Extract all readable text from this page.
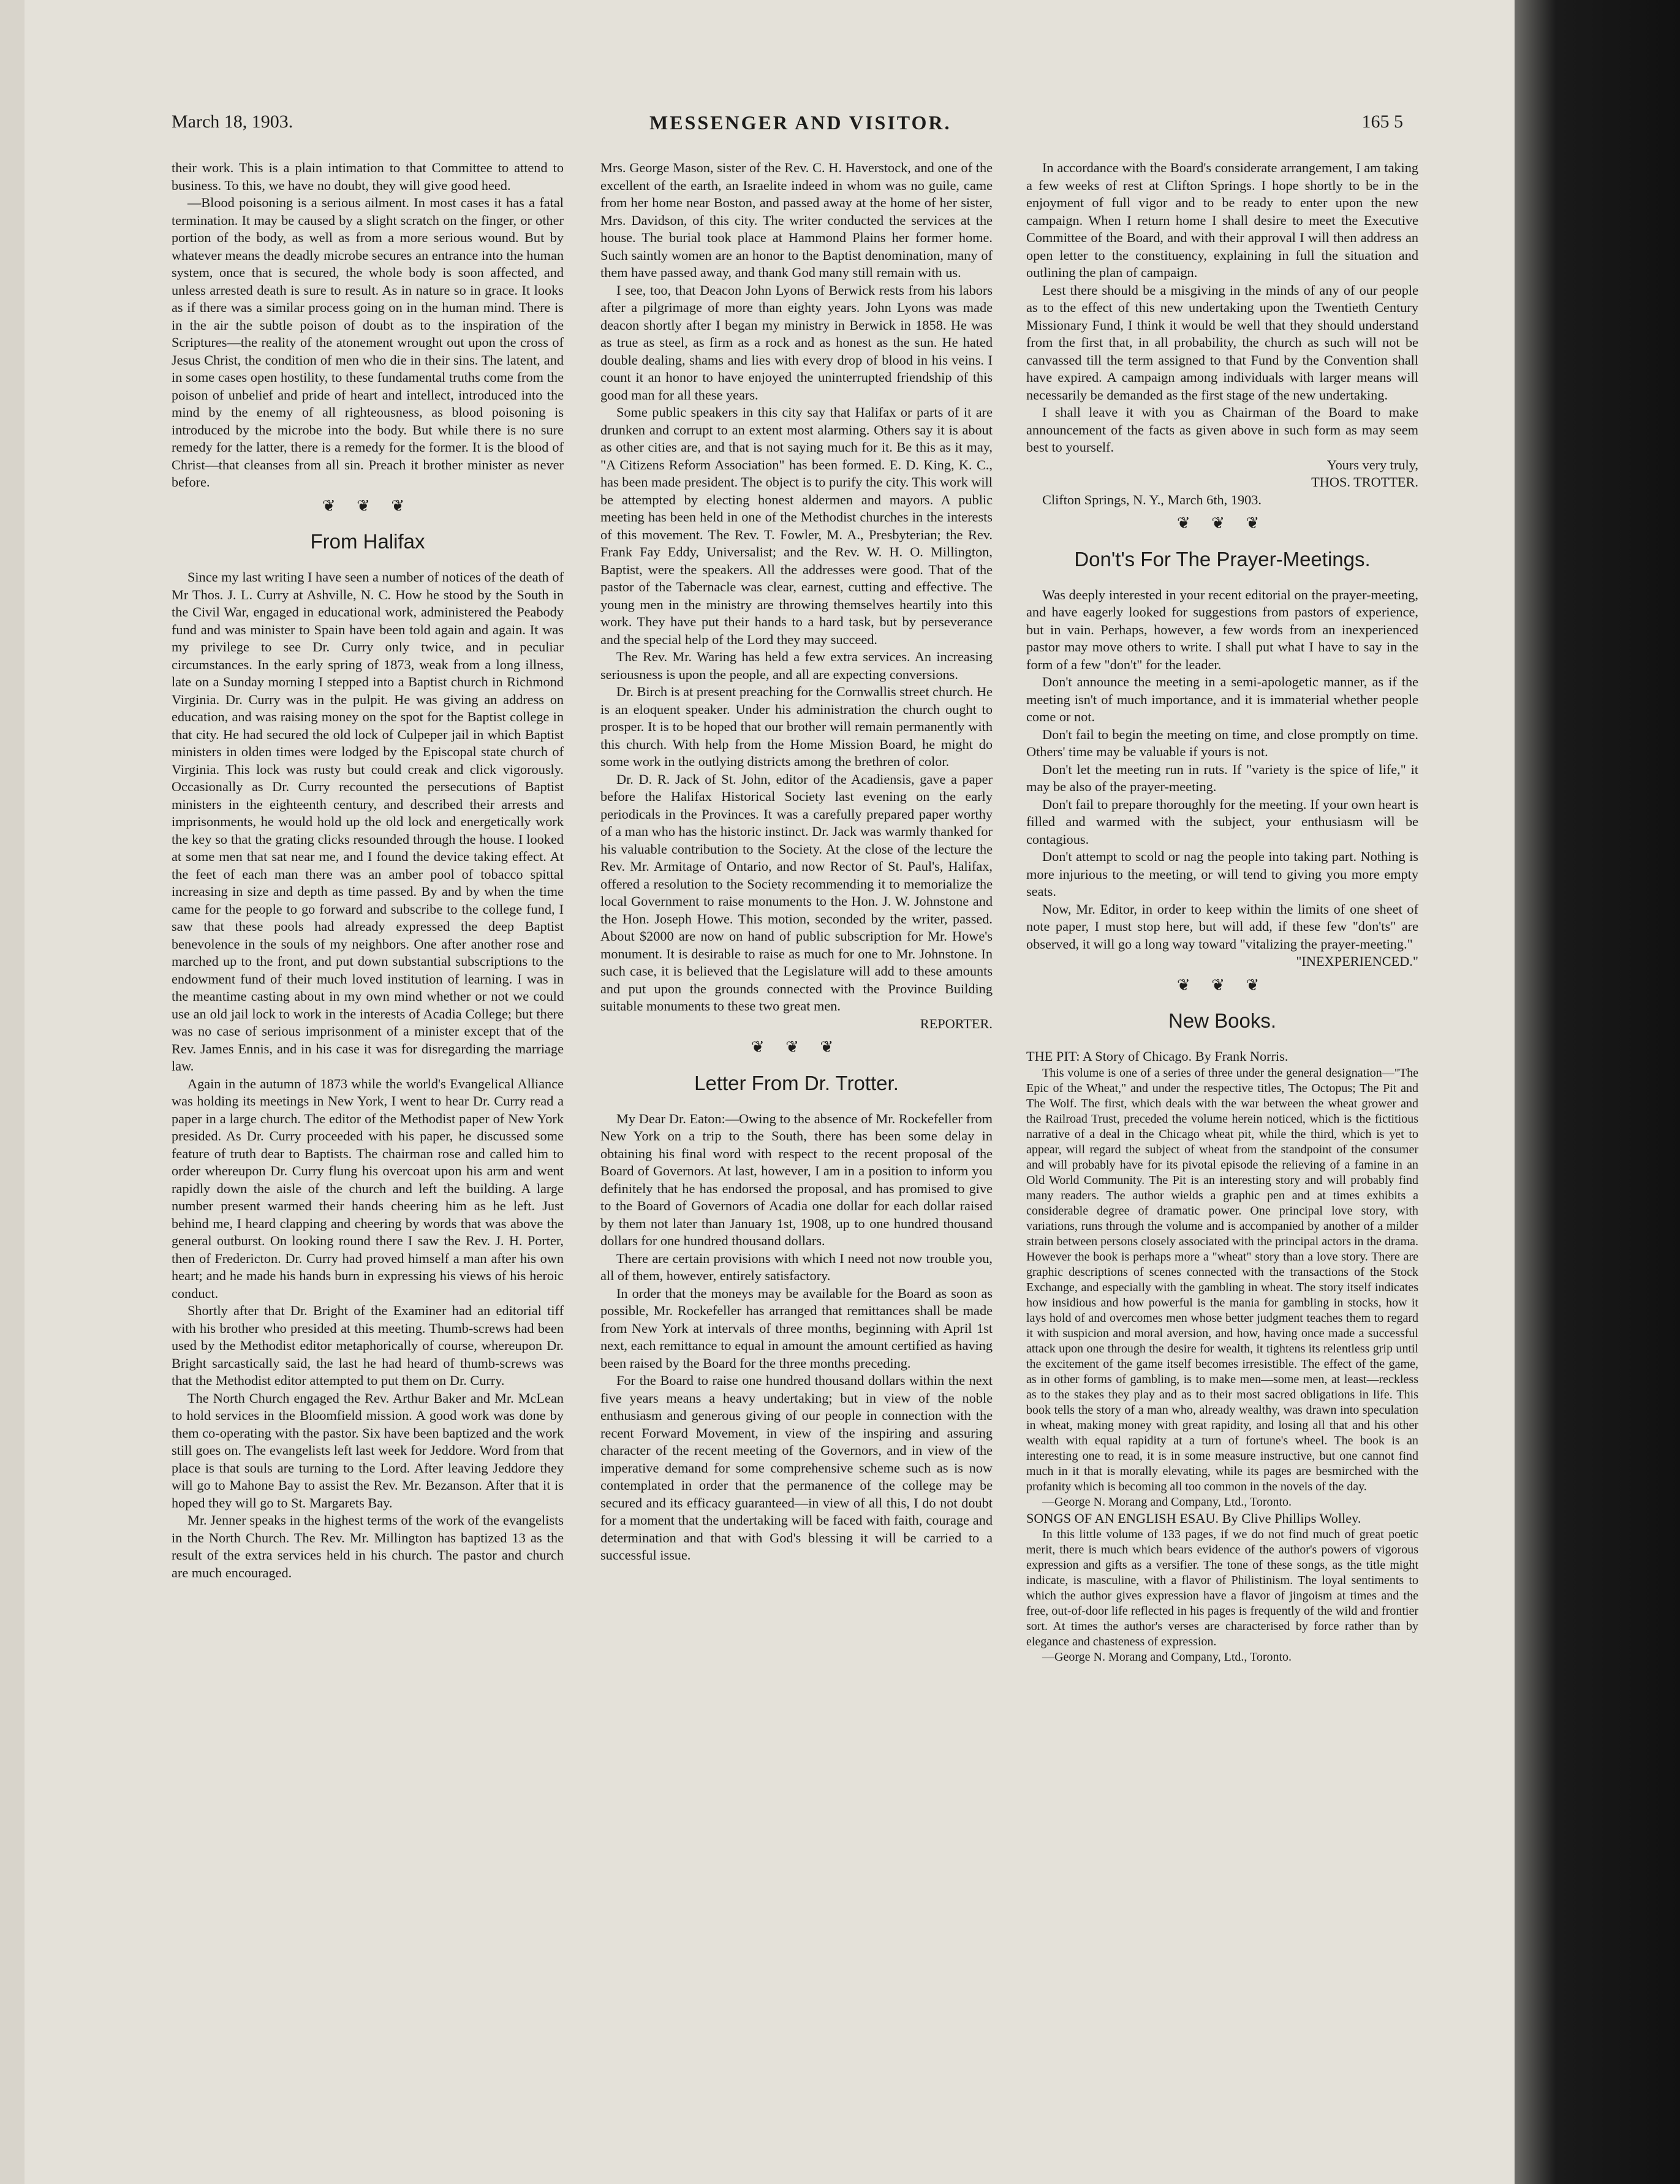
March 18, 1903.	MESSENGER AND VISITOR.	165 5

their work. This is a plain intimation to that Committee to attend to business. To this, we have no doubt, they will give good heed.

—Blood poisoning is a serious ailment. In most cases it has a fatal termination. It may be caused by a slight scratch on the finger, or other portion of the body, as well as from a more serious wound. But by whatever means the deadly microbe secures an entrance into the human system, once that is secured, the whole body is soon affected, and unless arrested death is sure to result. As in nature so in grace. It looks as if there was a similar process going on in the human mind. There is in the air the subtle poison of doubt as to the inspiration of the Scriptures—the reality of the atonement wrought out upon the cross of Jesus Christ, the condition of men who die in their sins. The latent, and in some cases open hostility, to these fundamental truths come from the poison of unbelief and pride of heart and intellect, introduced into the mind by the enemy of all righteousness, as blood poisoning is introduced by the microbe into the body. But while there is no sure remedy for the latter, there is a remedy for the former. It is the blood of Christ—that cleanses from all sin. Preach it brother minister as never before.

❦ ❦ ❦
From Halifax

Since my last writing I have seen a number of notices of the death of Mr Thos. J. L. Curry at Ashville, N. C. How he stood by the South in the Civil War, engaged in educational work, administered the Peabody fund and was minister to Spain have been told again and again. It was my privilege to see Dr. Curry only twice, and in peculiar circumstances. In the early spring of 1873, weak from a long illness, late on a Sunday morning I stepped into a Baptist church in Richmond Virginia. Dr. Curry was in the pulpit. He was giving an address on education, and was raising money on the spot for the Baptist college in that city. He had secured the old lock of Culpeper jail in which Baptist ministers in olden times were lodged by the Episcopal state church of Virginia. This lock was rusty but could creak and click vigorously. Occasionally as Dr. Curry recounted the persecutions of Baptist ministers in the eighteenth century, and described their arrests and imprisonments, he would hold up the old lock and energetically work the key so that the grating clicks resounded through the house. I looked at some men that sat near me, and I found the device taking effect. At the feet of each man there was an amber pool of tobacco spittal increasing in size and depth as time passed. By and by when the time came for the people to go forward and subscribe to the college fund, I saw that these pools had already expressed the deep Baptist benevolence in the souls of my neighbors. One after another rose and marched up to the front, and put down substantial subscriptions to the endowment fund of their much loved institution of learning. I was in the meantime casting about in my own mind whether or not we could use an old jail lock to work in the interests of Acadia College; but there was no case of serious imprisonment of a minister except that of the Rev. James Ennis, and in his case it was for disregarding the marriage law.

Again in the autumn of 1873 while the world's Evangelical Alliance was holding its meetings in New York, I went to hear Dr. Curry read a paper in a large church. The editor of the Methodist paper of New York presided. As Dr. Curry proceeded with his paper, he discussed some feature of truth dear to Baptists. The chairman rose and called him to order whereupon Dr. Curry flung his overcoat upon his arm and went rapidly down the aisle of the church and left the building. A large number present warmed their hands cheering him as he left. Just behind me, I heard clapping and cheering by words that was above the general outburst. On looking round there I saw the Rev. J. H. Porter, then of Fredericton. Dr. Curry had proved himself a man after his own heart; and he made his hands burn in expressing his views of his heroic conduct.

Shortly after that Dr. Bright of the Examiner had an editorial tiff with his brother who presided at this meeting. Thumb-screws had been used by the Methodist editor metaphorically of course, whereupon Dr. Bright sarcastically said, the last he had heard of thumb-screws was that the Methodist editor attempted to put them on Dr. Curry.

The North Church engaged the Rev. Arthur Baker and Mr. McLean to hold services in the Bloomfield mission. A good work was done by them co-operating with the pastor. Six have been baptized and the work still goes on. The evangelists left last week for Jeddore. Word from that place is that souls are turning to the Lord. After leaving Jeddore they will go to Mahone Bay to assist the Rev. Mr. Bezanson. After that it is hoped they will go to St. Margarets Bay.

Mr. Jenner speaks in the highest terms of the work of the evangelists in the North Church. The Rev. Mr. Millington has baptized 13 as the result of the extra services held in his church. The pastor and church are much encouraged.

Mrs. George Mason, sister of the Rev. C. H. Haverstock, and one of the excellent of the earth, an Israelite indeed in whom was no guile, came from her home near Boston, and passed away at the home of her sister, Mrs. Davidson, of this city. The writer conducted the services at the house. The burial took place at Hammond Plains her former home. Such saintly women are an honor to the Baptist denomination, many of them have passed away, and thank God many still remain with us.

I see, too, that Deacon John Lyons of Berwick rests from his labors after a pilgrimage of more than eighty years. John Lyons was made deacon shortly after I began my ministry in Berwick in 1858. He was as true as steel, as firm as a rock and as honest as the sun. He hated double dealing, shams and lies with every drop of blood in his veins. I count it an honor to have enjoyed the uninterrupted friendship of this good man for all these years.

Some public speakers in this city say that Halifax or parts of it are drunken and corrupt to an extent most alarming. Others say it is about as other cities are, and that is not saying much for it. Be this as it may, "A Citizens Reform Association" has been formed. E. D. King, K. C., has been made president. The object is to purify the city. This work will be attempted by electing honest aldermen and mayors. A public meeting has been held in one of the Methodist churches in the interests of this movement. The Rev. T. Fowler, M. A., Presbyterian; the Rev. Frank Fay Eddy, Universalist; and the Rev. W. H. O. Millington, Baptist, were the speakers. All the addresses were good. That of the pastor of the Tabernacle was clear, earnest, cutting and effective. The young men in the ministry are throwing themselves heartily into this work. They have put their hands to a hard task, but by perseverance and the special help of the Lord they may succeed.

The Rev. Mr. Waring has held a few extra services. An increasing seriousness is upon the people, and all are expecting conversions.

Dr. Birch is at present preaching for the Cornwallis street church. He is an eloquent speaker. Under his administration the church ought to prosper. It is to be hoped that our brother will remain permanently with this church. With help from the Home Mission Board, he might do some work in the outlying districts among the brethren of color.

Dr. D. R. Jack of St. John, editor of the Acadiensis, gave a paper before the Halifax Historical Society last evening on the early periodicals in the Provinces. It was a carefully prepared paper worthy of a man who has the historic instinct. Dr. Jack was warmly thanked for his valuable contribution to the Society. At the close of the lecture the Rev. Mr. Armitage of Ontario, and now Rector of St. Paul's, Halifax, offered a resolution to the Society recommending it to memorialize the local Government to raise monuments to the Hon. J. W. Johnstone and the Hon. Joseph Howe. This motion, seconded by the writer, passed. About $2000 are now on hand of public subscription for Mr. Howe's monument. It is desirable to raise as much for one to Mr. Johnstone. In such case, it is believed that the Legislature will add to these amounts and put upon the grounds connected with the Province Building suitable monuments to these two great men.

REPORTER.

❦ ❦ ❦
Letter From Dr. Trotter.

My Dear Dr. Eaton:—Owing to the absence of Mr. Rockefeller from New York on a trip to the South, there has been some delay in obtaining his final word with respect to the recent proposal of the Board of Governors. At last, however, I am in a position to inform you definitely that he has endorsed the proposal, and has promised to give to the Board of Governors of Acadia one dollar for each dollar raised by them not later than January 1st, 1908, up to one hundred thousand dollars for one hundred thousand dollars.

There are certain provisions with which I need not now trouble you, all of them, however, entirely satisfactory.

In order that the moneys may be available for the Board as soon as possible, Mr. Rockefeller has arranged that remittances shall be made from New York at intervals of three months, beginning with April 1st next, each remittance to equal in amount the amount certified as having been raised by the Board for the three months preceding.

For the Board to raise one hundred thousand dollars within the next five years means a heavy undertaking; but in view of the noble enthusiasm and generous giving of our people in connection with the recent Forward Movement, in view of the inspiring and assuring character of the recent meeting of the Governors, and in view of the imperative demand for some comprehensive scheme such as is now contemplated in order that the permanence of the college may be secured and its efficacy guaranteed—in view of all this, I do not doubt for a moment that the undertaking will be faced with faith, courage and determination and that with God's blessing it will be carried to a successful issue.

In accordance with the Board's considerate arrangement, I am taking a few weeks of rest at Clifton Springs. I hope shortly to be in the enjoyment of full vigor and to be ready to enter upon the new campaign. When I return home I shall desire to meet the Executive Committee of the Board, and with their approval I will then address an open letter to the constituency, explaining in full the situation and outlining the plan of campaign.

Lest there should be a misgiving in the minds of any of our people as to the effect of this new undertaking upon the Twentieth Century Missionary Fund, I think it would be well that they should understand from the first that, in all probability, the church as such will not be canvassed till the term assigned to that Fund by the Convention shall have expired. A campaign among individuals with larger means will necessarily be demanded as the first stage of the new undertaking.

I shall leave it with you as Chairman of the Board to make announcement of the facts as given above in such form as may seem best to yourself.

Yours very truly,

THOS. TROTTER.

Clifton Springs, N. Y., March 6th, 1903.

❦ ❦ ❦
Don't's For The Prayer-Meetings.

Was deeply interested in your recent editorial on the prayer-meeting, and have eagerly looked for suggestions from pastors of experience, but in vain. Perhaps, however, a few words from an inexperienced pastor may move others to write. I shall put what I have to say in the form of a few "don't" for the leader.

Don't announce the meeting in a semi-apologetic manner, as if the meeting isn't of much importance, and it is immaterial whether people come or not.

Don't fail to begin the meeting on time, and close promptly on time. Others' time may be valuable if yours is not.

Don't let the meeting run in ruts. If "variety is the spice of life," it may be also of the prayer-meeting.

Don't fail to prepare thoroughly for the meeting. If your own heart is filled and warmed with the subject, your enthusiasm will be contagious.

Don't attempt to scold or nag the people into taking part. Nothing is more injurious to the meeting, or will tend to giving you more empty seats.

Now, Mr. Editor, in order to keep within the limits of one sheet of note paper, I must stop here, but will add, if these few "don'ts" are observed, it will go a long way toward "vitalizing the prayer-meeting."

"INEXPERIENCED."

❦ ❦ ❦
New Books.

THE PIT: A Story of Chicago. By Frank Norris.

This volume is one of a series of three under the general designation—"The Epic of the Wheat," and under the respective titles, The Octopus; The Pit and The Wolf. The first, which deals with the war between the wheat grower and the Railroad Trust, preceded the volume herein noticed, which is the fictitious narrative of a deal in the Chicago wheat pit, while the third, which is yet to appear, will regard the subject of wheat from the standpoint of the consumer and will probably have for its pivotal episode the relieving of a famine in an Old World Community. The Pit is an interesting story and will probably find many readers. The author wields a graphic pen and at times exhibits a considerable degree of dramatic power. One principal love story, with variations, runs through the volume and is accompanied by another of a milder strain between persons closely associated with the principal actors in the drama. However the book is perhaps more a "wheat" story than a love story. There are graphic descriptions of scenes connected with the transactions of the Stock Exchange, and especially with the gambling in wheat. The story itself indicates how insidious and how powerful is the mania for gambling in stocks, how it lays hold of and overcomes men whose better judgment teaches them to regard it with suspicion and moral aversion, and how, having once made a successful attack upon one through the desire for wealth, it tightens its relentless grip until the excitement of the game itself becomes irresistible. The effect of the game, as in other forms of gambling, is to make men—some men, at least—reckless as to the stakes they play and as to their most sacred obligations in life. This book tells the story of a man who, already wealthy, was drawn into speculation in wheat, making money with great rapidity, and losing all that and his other wealth with equal rapidity at a turn of fortune's wheel. The book is an interesting one to read, it is in some measure instructive, but one cannot find much in it that is morally elevating, while its pages are besmirched with the profanity which is becoming all too common in the novels of the day.

—George N. Morang and Company, Ltd., Toronto.

SONGS OF AN ENGLISH ESAU. By Clive Phillips Wolley.

In this little volume of 133 pages, if we do not find much of great poetic merit, there is much which bears evidence of the author's powers of vigorous expression and gifts as a versifier. The tone of these songs, as the title might indicate, is masculine, with a flavor of Philistinism. The loyal sentiments to which the author gives expression have a flavor of jingoism at times and the free, out-of-door life reflected in his pages is frequently of the wild and frontier sort. At times the author's verses are characterised by force rather than by elegance and chasteness of expression.

—George N. Morang and Company, Ltd., Toronto.
